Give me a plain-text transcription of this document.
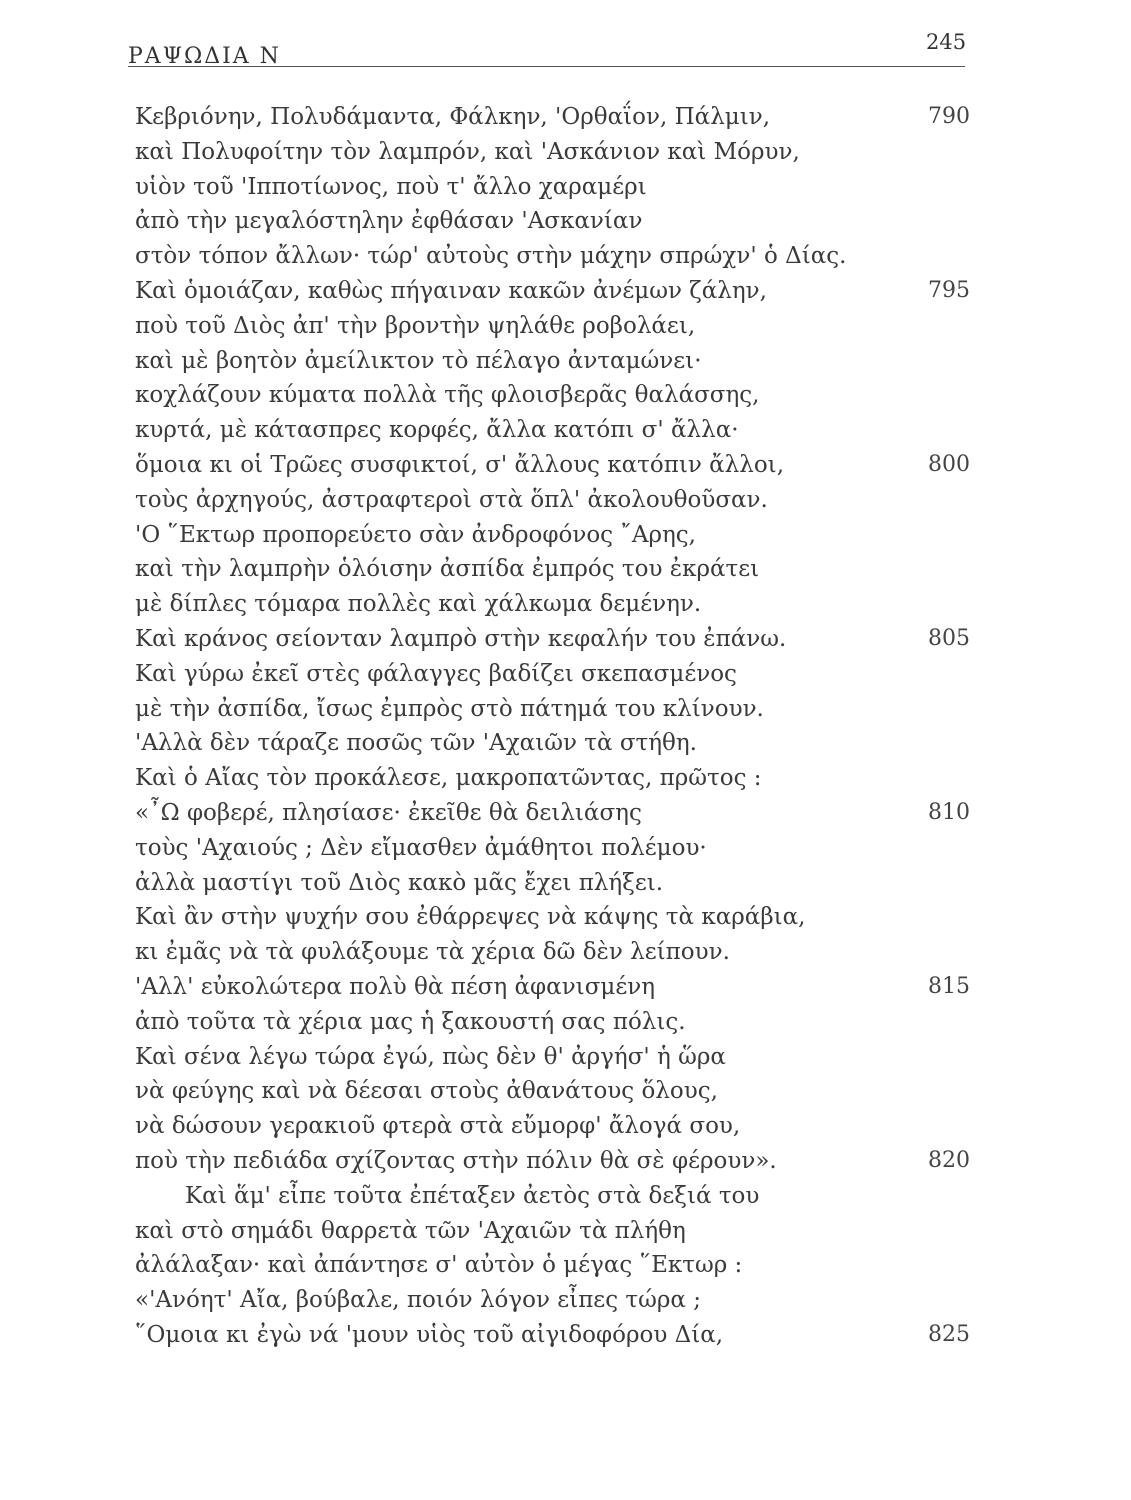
ΡΑΨΩΔΙΑ Ν
245
Κεβριόνην, Πολυδάμαντα, Φάλκην, 'Ορθαΐον, Πάλμιν,	790
καὶ Πολυφοίτην τὸν λαμπρόν, καὶ 'Ασκάνιον καὶ Μόρυν,
υἱὸν τοῦ 'Ιπποτίωνος, ποὺ τ' ἄλλο χαραμέρι
ἀπὸ τὴν μεγαλόστηλην ἐφθάσαν 'Ασκανίαν
στὸν τόπον ἄλλων· τώρ' αὐτοὺς στὴν μάχην σπρώχν' ὁ Δίας.
Καὶ ὁμοιάζαν, καθὼς πήγαιναν κακῶν ἀνέμων ζάλην,	795
ποὺ τοῦ Διὸς ἀπ' τὴν βροντὴν ψηλάθε ροβολάει,
καὶ μὲ βοητὸν ἀμείλικτον τὸ πέλαγο ἀνταμώνει·
κοχλάζουν κύματα πολλὰ τῆς φλοισβερᾶς θαλάσσης,
κυρτά, μὲ κάτασπρες κορφές, ἄλλα κατόπι σ' ἄλλα·
ὅμοια κι οἱ Τρῶες συσφικτοί, σ' ἄλλους κατόπιν ἄλλοι,	800
τοὺς ἀρχηγούς, ἀστραφτεροὶ στὰ ὅπλ' ἀκολουθοῦσαν.
'Ο ῞Εκτωρ προπορεύετο σὰν ἀνδροφόνος ῎Αρης,
καὶ τὴν λαμπρὴν ὁλόισην ἀσπίδα ἐμπρός του ἐκράτει
μὲ δίπλες τόμαρα πολλὲς καὶ χάλκωμα δεμένην.
Καὶ κράνος σείονταν λαμπρὸ στὴν κεφαλήν του ἐπάνω.	805
Καὶ γύρω ἐκεῖ στὲς φάλαγγες βαδίζει σκεπασμένος
μὲ τὴν ἀσπίδα, ἴσως ἐμπρὸς στὸ πάτημά του κλίνουν.
'Αλλὰ δὲν τάραζε ποσῶς τῶν 'Αχαιῶν τὰ στήθη.
Καὶ ὁ Αἴας τὸν προκάλεσε, μακροπατῶντας, πρῶτος :
«῏Ω φοβερέ, πλησίασε· ἐκεῖθε θὰ δειλιάσης	810
τοὺς 'Αχαιούς ; Δὲν εἴμασθεν ἀμάθητοι πολέμου·
ἀλλὰ μαστίγι τοῦ Διὸς κακὸ μᾶς ἔχει πλήξει.
Καὶ ἂν στὴν ψυχήν σου ἐθάρρεψες νὰ κάψης τὰ καράβια,
κι ἐμᾶς νὰ τὰ φυλάξουμε τὰ χέρια δῶ δὲν λείπουν.
'Αλλ' εὐκολώτερα πολὺ θὰ πέση ἀφανισμένη	815
ἀπὸ τοῦτα τὰ χέρια μας ἡ ξακουστή σας πόλις.
Καὶ σένα λέγω τώρα ἐγώ, πὼς δὲν θ' ἀργήσ' ἡ ὥρα
νὰ φεύγης καὶ νὰ δέεσαι στοὺς ἀθανάτους ὅλους,
νὰ δώσουν γερακιοῦ φτερὰ στὰ εὔμορφ' ἄλογά σου,
ποὺ τὴν πεδιάδα σχίζοντας στὴν πόλιν θὰ σὲ φέρουν».	820
Καὶ ἅμ' εἶπε τοῦτα ἐπέταξεν ἀετὸς στὰ δεξιά του
καὶ στὸ σημάδι θαρρετὰ τῶν 'Αχαιῶν τὰ πλήθη
ἀλάλαξαν· καὶ ἀπάντησε σ' αὐτὸν ὁ μέγας ῞Εκτωρ :
«'Ανόητ' Αἴα, βούβαλε, ποιόν λόγον εἶπες τώρα ;
῞Ομοια κι ἐγὼ νά 'μουν υἱὸς τοῦ αἰγιδοφόρου Δία,	825
